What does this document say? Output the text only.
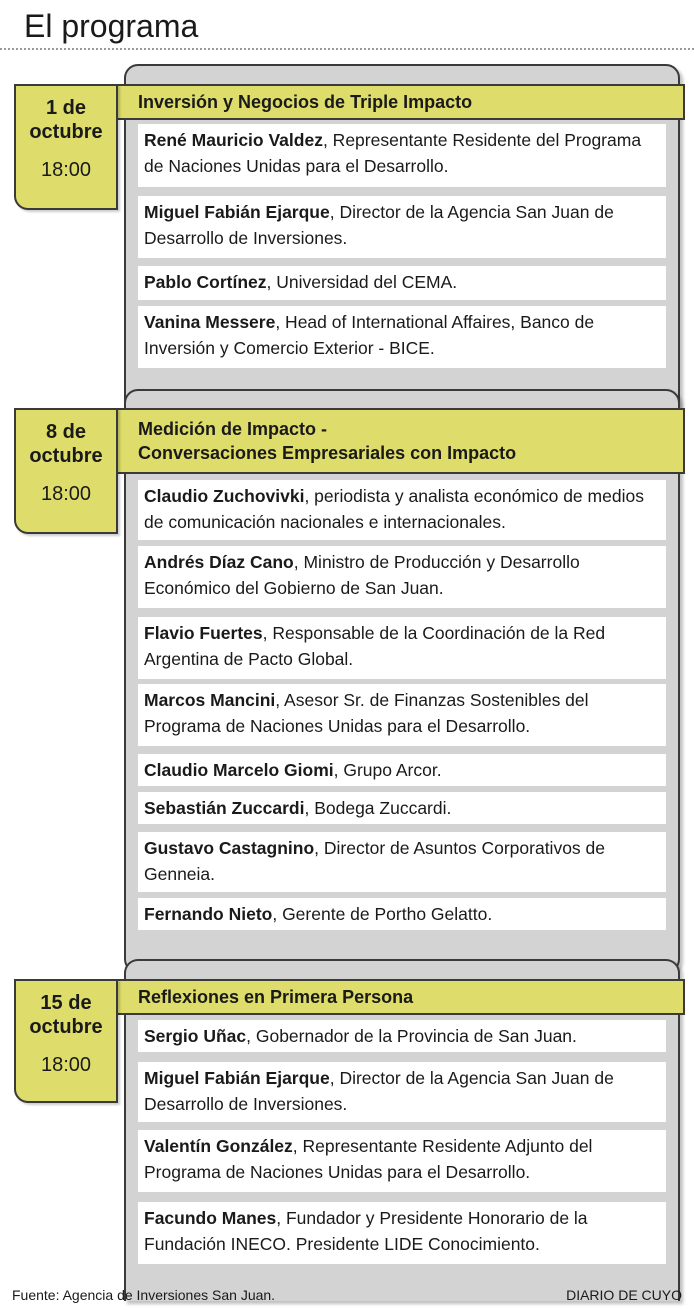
El programa
Inversión y Negocios de Triple Impacto
1 de
octubre
18:00
René Mauricio Valdez, Representante Residente del Programa de Naciones Unidas para el Desarrollo.
Miguel Fabián Ejarque, Director de la Agencia San Juan de Desarrollo de Inversiones.
Pablo Cortínez, Universidad del CEMA.
Vanina Messere, Head of International Affaires, Banco de Inversión y Comercio Exterior - BICE.
Medición de Impacto -
Conversaciones Empresariales con Impacto
8 de
octubre
18:00	Claudio Zuchovivki, periodista y analista económico de medios de comunicación nacionales e internacionales.
Andrés Díaz Cano, Ministro de Producción y Desarrollo Económico del Gobierno de San Juan.
Flavio Fuertes, Responsable de la Coordinación de la Red Argentina de Pacto Global.
Marcos Mancini, Asesor Sr. de Finanzas Sostenibles del Programa de Naciones Unidas para el Desarrollo.
Claudio Marcelo Giomi, Grupo Arcor.
Sebastián Zuccardi, Bodega Zuccardi.
Gustavo Castagnino, Director de Asuntos Corporativos de Genneia.
Fernando Nieto, Gerente de Portho Gelatto.
Reflexiones en Primera Persona
15 de
octubre
18:00
Sergio Uñac, Gobernador de la Provincia de San Juan.
Miguel Fabián Ejarque, Director de la Agencia San Juan de Desarrollo de Inversiones.
Valentín González, Representante Residente Adjunto del Programa de Naciones Unidas para el Desarrollo.
Facundo Manes, Fundador y Presidente Honorario de la Fundación INECO. Presidente LIDE Conocimiento.
Fuente: Agencia de Inversiones San Juan.	DIARIO DE CUYO
